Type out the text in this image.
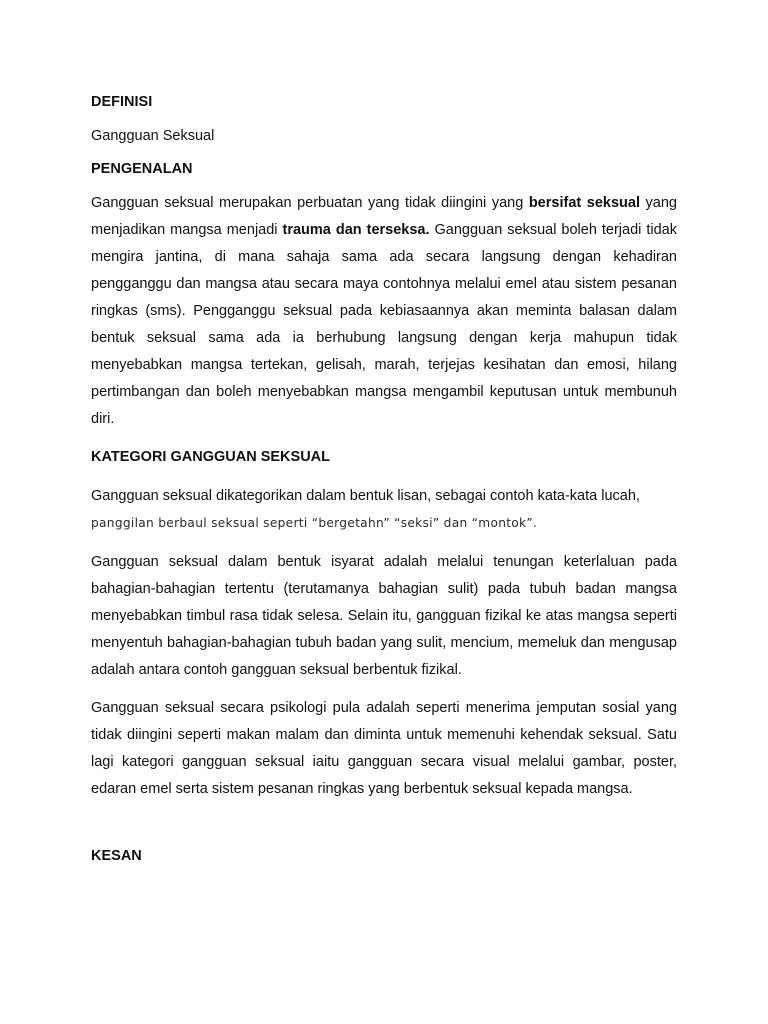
DEFINISI

Gangguan Seksual

PENGENALAN

Gangguan seksual merupakan perbuatan yang tidak diingini yang bersifat seksual yang menjadikan mangsa menjadi trauma dan terseksa. Gangguan seksual boleh terjadi tidak mengira jantina, di mana sahaja sama ada secara langsung dengan kehadiran pengganggu dan mangsa atau secara maya contohnya melalui emel atau sistem pesanan ringkas (sms). Pengganggu seksual pada kebiasaannya akan meminta balasan dalam bentuk seksual sama ada ia berhubung langsung dengan kerja mahupun tidak menyebabkan mangsa tertekan, gelisah, marah, terjejas kesihatan dan emosi, hilang pertimbangan dan boleh menyebabkan mangsa mengambil keputusan untuk membunuh diri.

KATEGORI GANGGUAN SEKSUAL

Gangguan seksual dikategorikan dalam bentuk lisan, sebagai contoh kata-kata lucah,

panggilan berbaul seksual seperti “bergetahn” “seksi” dan “montok”.

Gangguan seksual dalam bentuk isyarat adalah melalui tenungan keterlaluan pada bahagian-bahagian tertentu (terutamanya bahagian sulit) pada tubuh badan mangsa menyebabkan timbul rasa tidak selesa. Selain itu, gangguan fizikal ke atas mangsa seperti menyentuh bahagian-bahagian tubuh badan yang sulit, mencium, memeluk dan mengusap adalah antara contoh gangguan seksual berbentuk fizikal.

Gangguan seksual secara psikologi pula adalah seperti menerima jemputan sosial yang tidak diingini seperti makan malam dan diminta untuk memenuhi kehendak seksual. Satu lagi kategori gangguan seksual iaitu gangguan secara visual melalui gambar, poster, edaran emel serta sistem pesanan ringkas yang berbentuk seksual kepada mangsa.

KESAN
